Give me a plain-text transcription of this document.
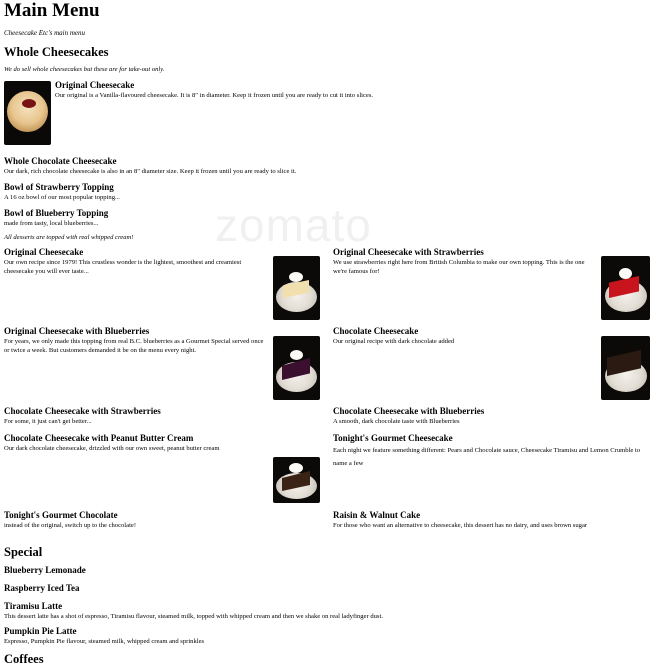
zomato
Main Menu
Cheesecake Etc's main menu
Whole Cheesecakes
We do sell whole cheesecakes but these are for take-out only.

Original Cheesecake

Our original is a Vanilla-flavoured cheesecake. It is 8" in diameter. Keep it frozen until you are ready to cut it into slices.

Whole Chocolate Cheesecake

Our dark, rich chocolate cheesecake is also in an 8" diameter size. Keep it frozen until you are ready to slice it.

Bowl of Strawberry Topping

A 16 oz bowl of our most popular topping...

Bowl of Blueberry Topping

made from tasty, local blueberries...

All desserts are topped with real whipped cream!

Original Cheesecake

Our own recipe since 1979! This crustless wonder is the lightest, smoothest and creamiest cheesecake you will ever taste...

Original Cheesecake with Blueberries

For years, we only made this topping from real B.C. blueberries as a Gourmet Special served once or twice a week. But customers demanded it be on the menu every night.

Chocolate Cheesecake with Strawberries

For some, it just can't get better...

Chocolate Cheesecake with Peanut Butter Cream

Our dark chocolate cheesecake, drizzled with our own sweet, peanut butter cream

Tonight's Gourmet Chocolate

instead of the original, switch up to the chocolate!

Original Cheesecake with Strawberries

We use strawberries right here from British Columbia to make our own topping. This is the one we're famous for!

Chocolate Cheesecake

Our original recipe with dark chocolate added

Chocolate Cheesecake with Blueberries

A smooth, dark chocolate taste with Blueberries

Tonight's Gourmet Cheesecake

Each night we feature something different: Pears and Chocolate sauce, Cheesecake Tiramisu and Lemon Crumble to name a few

Raisin & Walnut Cake

For those who want an alternative to cheesecake, this dessert has no dairy, and uses brown sugar

Special

Blueberry Lemonade

Raspberry Iced Tea

Tiramisu Latte

This dessert latte has a shot of espresso, Tiramisu flavour, steamed milk, topped with whipped cream and then we shake on real ladyfinger dust.

Pumpkin Pie Latte

Espresso, Pumpkin Pie flavour, steamed milk, whipped cream and sprinkles

Coffees
